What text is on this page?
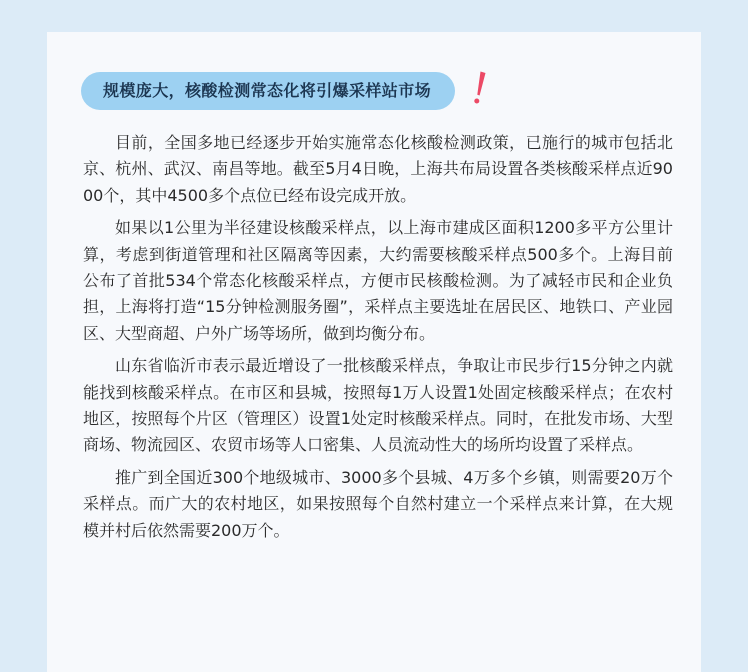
规模庞大，核酸检测常态化将引爆采样站市场

目前，全国多地已经逐步开始实施常态化核酸检测政策，已施行的城市包括北京、杭州、武汉、南昌等地。截至5月4日晚，上海共布局设置各类核酸采样点近9000个，其中4500多个点位已经布设完成开放。

如果以1公里为半径建设核酸采样点，以上海市建成区面积1200多平方公里计算，考虑到街道管理和社区隔离等因素，大约需要核酸采样点500多个。上海目前公布了首批534个常态化核酸采样点，方便市民核酸检测。为了减轻市民和企业负担，上海将打造“15分钟检测服务圈”，采样点主要选址在居民区、地铁口、产业园区、大型商超、户外广场等场所，做到均衡分布。

山东省临沂市表示最近增设了一批核酸采样点，争取让市民步行15分钟之内就能找到核酸采样点。在市区和县城，按照每1万人设置1处固定核酸采样点；在农村地区，按照每个片区（管理区）设置1处定时核酸采样点。同时，在批发市场、大型商场、物流园区、农贸市场等人口密集、人员流动性大的场所均设置了采样点。

推广到全国近300个地级城市、3000多个县城、4万多个乡镇，则需要20万个采样点。而广大的农村地区，如果按照每个自然村建立一个采样点来计算，在大规模并村后依然需要200万个。
